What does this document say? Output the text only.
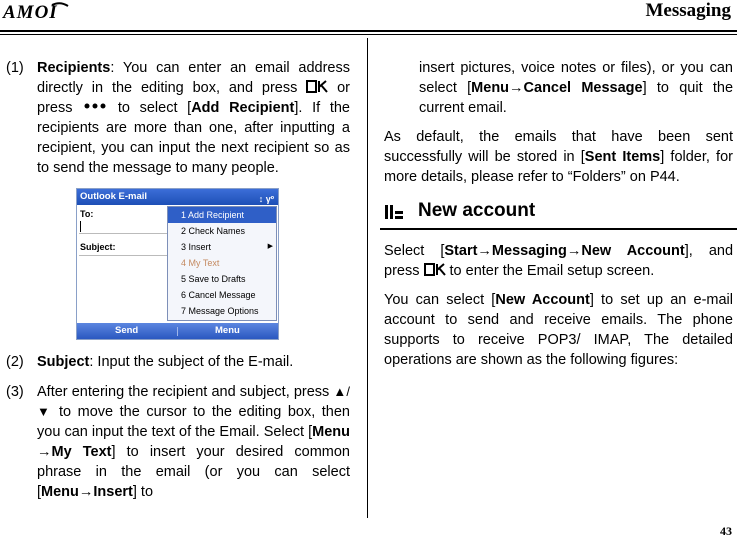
AMOI	Messaging
(1) Recipients: You can enter an email address directly in the editing box, and press  or press  to select [Add Recipient]. If the recipients are more than one, after inputting a recipient, you can input the next recipient so as to send the message to many people.
Outlook E-mail	↕ γº
To:
Subject:
1 Add Recipient
2 Check Names
3 Insert	▶
4 My Text
5 Save to Drafts
6 Cancel Message
7 Message Options
Send	Menu
(2) Subject: Input the subject of the E-mail.
(3) After entering the recipient and subject, press ▲/▼ to move the cursor to the editing box, then you can input the text of the Email. Select [Menu →My Text] to insert your desired common phrase in the email (or you can select [Menu→Insert] to

insert pictures, voice notes or files), or you can select [Menu→Cancel Message] to quit the current email.

As default, the emails that have been sent successfully will be stored in [Sent Items] folder, for more details, please refer to “Folders” on P44.

New account

Select [Start→Messaging→New Account], and press  to enter the Email setup screen.

You can select [New Account] to set up an e-mail account to send and receive emails. The phone supports to receive POP3/ IMAP, The detailed operations are shown as the following figures:

43
